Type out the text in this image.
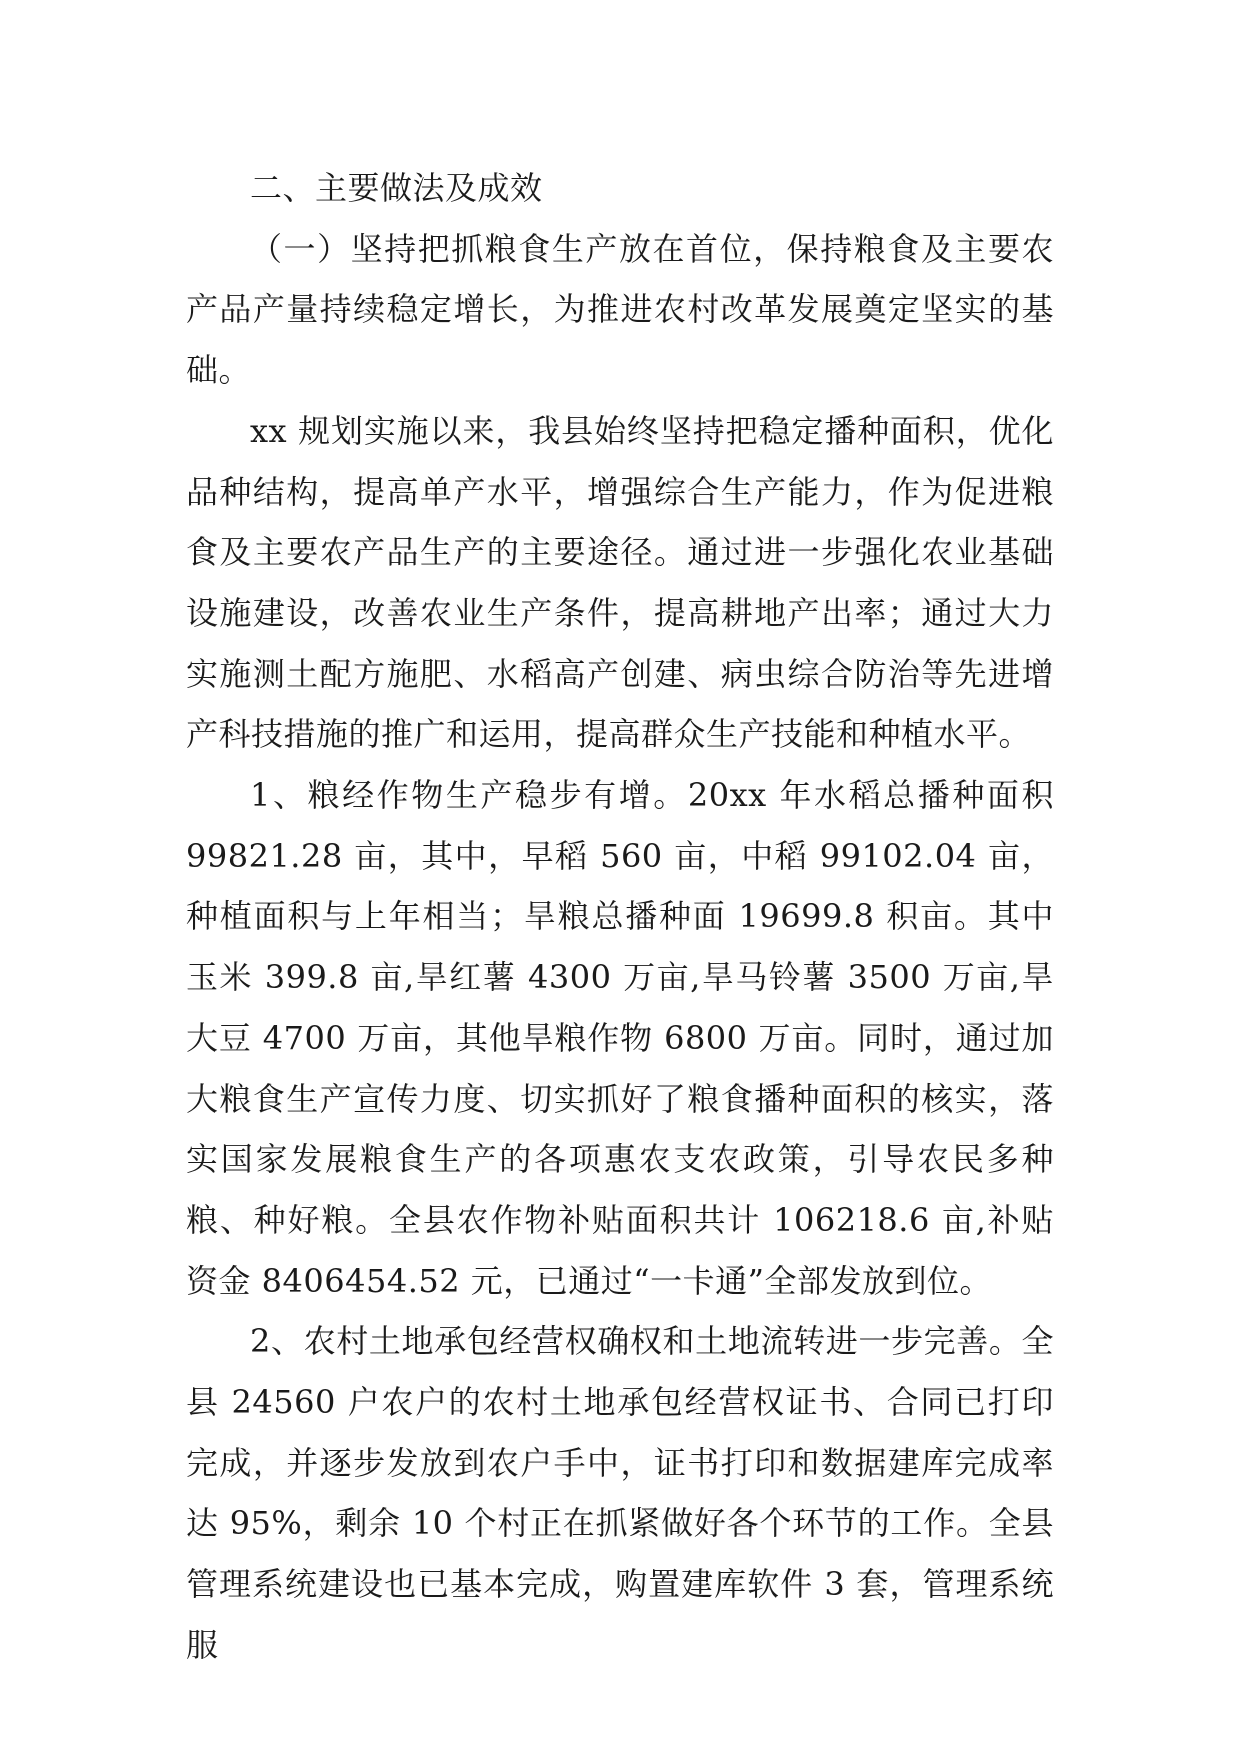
二、主要做法及成效

（一）坚持把抓粮食生产放在首位，保持粮食及主要农产品产量持续稳定增长，为推进农村改革发展奠定坚实的基础。

xx 规划实施以来，我县始终坚持把稳定播种面积，优化品种结构，提高单产水平，增强综合生产能力，作为促进粮食及主要农产品生产的主要途径。通过进一步强化农业基础设施建设，改善农业生产条件，提高耕地产出率；通过大力实施测土配方施肥、水稻高产创建、病虫综合防治等先进增产科技措施的推广和运用，提高群众生产技能和种植水平。

1、粮经作物生产稳步有增。20xx 年水稻总播种面积 99821.28 亩，其中，早稻 560 亩，中稻 99102.04 亩，种植面积与上年相当；旱粮总播种面 19699.8 积亩。其中玉米 399.8 亩,旱红薯 4300 万亩,旱马铃薯 3500 万亩,旱大豆 4700 万亩，其他旱粮作物 6800 万亩。同时，通过加大粮食生产宣传力度、切实抓好了粮食播种面积的核实，落实国家发展粮食生产的各项惠农支农政策，引导农民多种粮、种好粮。全县农作物补贴面积共计 106218.6 亩,补贴资金 8406454.52 元，已通过“一卡通”全部发放到位。

2、农村土地承包经营权确权和土地流转进一步完善。全县 24560 户农户的农村土地承包经营权证书、合同已打印完成，并逐步发放到农户手中，证书打印和数据建库完成率达 95%，剩余 10 个村正在抓紧做好各个环节的工作。全县管理系统建设也已基本完成，购置建库软件 3 套，管理系统服
